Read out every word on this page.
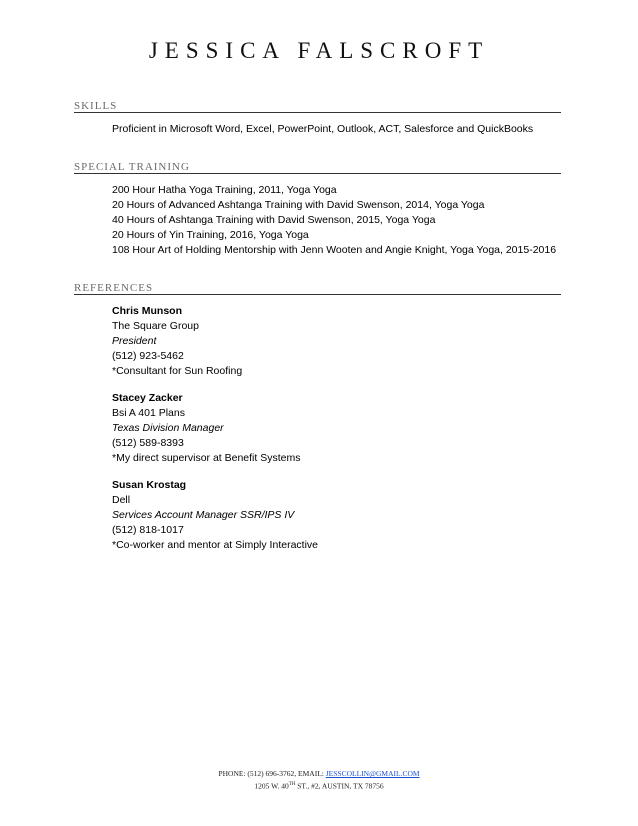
JESSICA FALSCROFT
SKILLS
Proficient in Microsoft Word, Excel, PowerPoint, Outlook, ACT, Salesforce and QuickBooks
SPECIAL TRAINING
200 Hour Hatha Yoga Training, 2011, Yoga Yoga
20 Hours of Advanced Ashtanga Training with David Swenson, 2014, Yoga Yoga
40 Hours of Ashtanga Training with David Swenson, 2015, Yoga Yoga
20 Hours of Yin Training, 2016, Yoga Yoga
108 Hour Art of Holding Mentorship with Jenn Wooten and Angie Knight, Yoga Yoga, 2015-2016
REFERENCES
Chris Munson
The Square Group
President
(512) 923-5462
*Consultant for Sun Roofing
Stacey Zacker
Bsi A 401 Plans
Texas Division Manager
(512) 589-8393
*My direct supervisor at Benefit Systems
Susan Krostag
Dell
Services Account Manager SSR/IPS IV
(512) 818-1017
*Co-worker and mentor at Simply Interactive
PHONE: (512) 696-3762, EMAIL: JESSCOLLIN@GMAIL.COM
1205 W. 40TH ST., #2, AUSTIN, TX 78756
